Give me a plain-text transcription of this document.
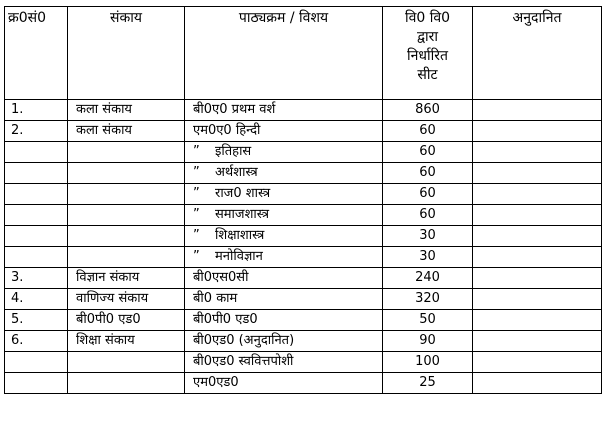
क्र0सं0	संकाय	पाठ्यक्रम / विशय	वि0 वि0
द्वारा
निर्धारित
सीट	अनुदानित
1.	कला संकाय	बी0ए0 प्रथम वर्श	860	
2.	कला संकाय	एम0ए0 हिन्दी	60	
		” इतिहास	60	
		” अर्थशास्त्र	60	
		” राज0 शास्त्र	60	
		” समाजशास्त्र	60	
		” शिक्षाशास्त्र	30	
		” मनोविज्ञान	30	
3.	विज्ञान संकाय	बी0एस0सी	240	
4.	वाणिज्य संकाय	बी0 काम	320	
5.	बी0पी0 एड0	बी0पी0 एड0	50	
6.	शिक्षा संकाय	बी0एड0 (अनुदानित)	90	
		बी0एड0 स्ववित्तपोशी	100	
		एम0एड0	25	
